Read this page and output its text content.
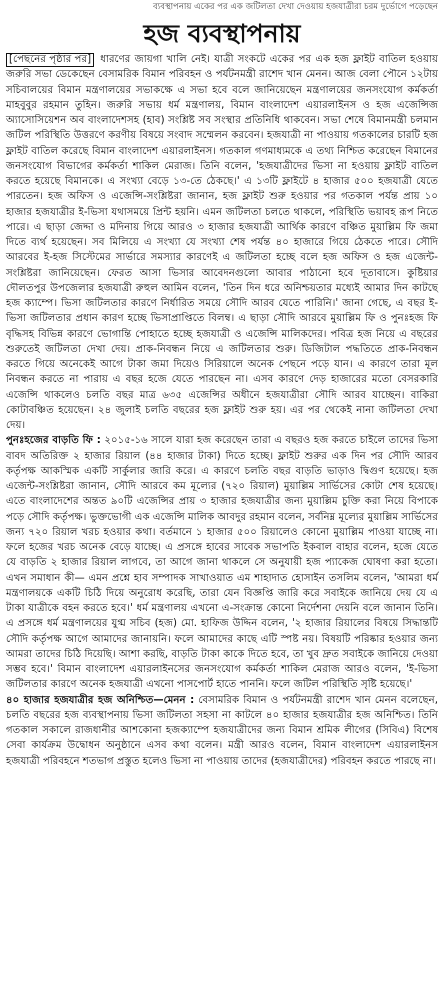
ব্যবস্থাপনায় একের পর এক জটিলতা দেখা দেওয়ায় হজযাত্রীরা চরম দুর্ভোগে পড়েছেন
হজ ব্যবস্থাপনায়

[পেছনের পৃষ্ঠার পর] ধারণের জায়গা খালি নেই। যাত্রী সংকটে একের পর এক হজ ফ্লাইট বাতিল হওয়ায় জরুরি সভা ডেকেছেন বেসামরিক বিমান পরিবহন ও পর্যটনমন্ত্রী রাশেদ খান মেনন। আজ বেলা পৌনে ১২টায় সচিবালয়ের বিমান মন্ত্রণালয়ের সভাকক্ষে এ সভা হবে বলে জানিয়েছেন মন্ত্রণালয়ের জনসংযোগ কর্মকর্তা মাহবুবুর রহমান তুহিন। জরুরি সভায় ধর্ম মন্ত্রণালয়, বিমান বাংলাদেশ এয়ারলাইনস ও হজ এজেন্সিজ অ্যাসোসিয়েশন অব বাংলাদেশসহ (হাব) সংশ্লিষ্ট সব সংস্থার প্রতিনিধি থাকবেন। সভা শেষে বিমানমন্ত্রী চলমান জটিল পরিস্থিতি উত্তরণে করণীয় বিষয়ে সংবাদ সম্মেলন করবেন। হজযাত্রী না পাওয়ায় গতকালের চারটি হজ ফ্লাইট বাতিল করেছে বিমান বাংলাদেশ এয়ারলাইনস। গতকাল গণমাধ্যমকে এ তথ্য নিশ্চিত করেছেন বিমানের জনসংযোগ বিভাগের কর্মকর্তা শাকিল মেরাজ। তিনি বলেন, 'হজযাত্রীদের ভিসা না হওয়ায় ফ্লাইট বাতিল করতে হয়েছে বিমানকে। এ সংখ্যা বেড়ে ১৩-তে ঠেকছে।' এ ১৩টি ফ্লাইটে ৪ হাজার ৫০০ হজযাত্রী যেতে পারতেন। হজ অফিস ও এজেন্সি-সংশ্লিষ্টরা জানান, হজ ফ্লাইট শুরু হওয়ার পর গতকাল পর্যন্ত প্রায় ১০ হাজার হজযাত্রীর ই-ভিসা যথাসময়ে প্রিন্ট হয়নি। এমন জটিলতা চলতে থাকলে, পরিস্থিতি ভয়াবহ রূপ নিতে পারে। এ ছাড়া জেদ্দা ও মদিনায় গিয়ে আরও ৩ হাজার হজযাত্রী আর্থিক কারণে বঞ্চিত মুয়াল্লিম ফি জমা দিতে ব্যর্থ হয়েছেন। সব মিলিয়ে এ সংখ্যা যে সংখ্যা শেষ পর্যন্ত ৪০ হাজারে গিয়ে ঠেকতে পারে। সৌদি আরবের ই-হজ সিস্টেমের সার্ভারে সমস্যার কারণেই এ জটিলতা হচ্ছে বলে হজ অফিস ও হজ এজেন্ট-সংশ্লিষ্টরা জানিয়েছেন। ফেরত আসা ভিসার আবেদনগুলো আবার পাঠানো হবে দূতাবাসে। কুষ্টিয়ার দৌলতপুর উপজেলার হজযাত্রী রুহুল আমিন বলেন, 'তিন দিন ধরে অনিশ্চয়তার মধ্যেই আমার দিন কাটছে হজ ক্যাম্পে। ভিসা জটিলতার কারণে নির্ধারিত সময়ে সৌদি আরব যেতে পারিনি।' জানা গেছে, এ বছর ই-ভিসা জটিলতার প্রধান কারণ হচ্ছে ভিসাপ্রাপ্তিতে বিলম্ব। এ ছাড়া সৌদি আরবে মুয়াল্লিম ফি ও পুনঃহজ ফি বৃদ্ধিসহ বিভিন্ন কারণে ভোগান্তি পোহাতে হচ্ছে হজযাত্রী ও এজেন্সি মালিকদের। পবিত্র হজ নিয়ে এ বছরের শুরুতেই জটিলতা দেখা দেয়। প্রাক-নিবন্ধন নিয়ে এ জটিলতার শুরু। ডিজিটাল পদ্ধতিতে প্রাক-নিবন্ধন করতে গিয়ে অনেকেই আগে টাকা জমা দিয়েও সিরিয়ালে অনেক পেছনে পড়ে যান। এ কারণে তারা মূল নিবন্ধন করতে না পারায় এ বছর হজে যেতে পারছেন না। এসব কারণে দেড় হাজারের মতো বেসরকারি এজেন্সি থাকলেও চলতি বছর মাত্র ৬৩৫ এজেন্সির অধীনে হজযাত্রীরা সৌদি আরব যাচ্ছেন। বাকিরা কোটাবঞ্চিত হয়েছেন। ২৪ জুলাই চলতি বছরের হজ ফ্লাইট শুরু হয়। এর পর থেকেই নানা জটিলতা দেখা দেয়।

পুনঃহজের বাড়তি ফি : ২০১৫-১৬ সালে যারা হজ করেছেন তারা এ বছরও হজ করতে চাইলে তাদের ভিসা বাবদ অতিরিক্ত ২ হাজার রিয়াল (৪৪ হাজার টাকা) দিতে হচ্ছে। ফ্লাইট শুরুর এক দিন পর সৌদি আরব কর্তৃপক্ষ আকস্মিক একটি সার্কুলার জারি করে। এ কারণে চলতি বছর বাড়তি ভাড়াও দ্বিগুণ হয়েছে। হজ এজেন্ট-সংশ্লিষ্টরা জানান, সৌদি আরবে কম মূল্যের (৭২০ রিয়াল) মুয়াল্লিম সার্ভিসের কোটা শেষ হয়েছে। এতে বাংলাদেশের অন্তত ৯০টি এজেন্সির প্রায় ৩ হাজার হজযাত্রীর জন্য মুয়াল্লিম চুক্তি করা নিয়ে বিপাকে পড়ে সৌদি কর্তৃপক্ষ। ভুক্তভোগী এক এজেন্সি মালিক আবদুর রহমান বলেন, সর্বনিম্ন মূল্যের মুয়াল্লিম সার্ভিসের জন্য ৭২০ রিয়াল খরচ হওয়ার কথা। বর্তমানে ১ হাজার ৫০০ রিয়ালেও কোনো মুয়াল্লিম পাওয়া যাচ্ছে না। ফলে হজের খরচ অনেক বেড়ে যাচ্ছে। এ প্রসঙ্গে হাবের সাবেক সভাপতি ইকবাল বাহার বলেন, হজে যেতে যে বাড়তি ২ হাজার রিয়াল লাগবে, তা আগে জানা থাকলে সে অনুযায়ী হজ প্যাকেজ ঘোষণা করা হতো। এখন সমাধান কী— এমন প্রশ্নে হাব সম্পাদক সাখাওয়াত এম শাহাদাত হোসাইন তসলিম বলেন, 'আমরা ধর্ম মন্ত্রণালয়কে একটি চিঠি দিয়ে অনুরোধ করেছি, তারা যেন বিজ্ঞপ্তি জারি করে সবাইকে জানিয়ে দেয় যে এ টাকা যাত্রীকে বহন করতে হবে।' ধর্ম মন্ত্রণালয় এখনো এ-সংক্রান্ত কোনো নির্দেশনা দেয়নি বলে জানান তিনি। এ প্রসঙ্গে ধর্ম মন্ত্রণালয়ের যুগ্ম সচিব (হজ) মো. হাফিজ উদ্দিন বলেন, '২ হাজার রিয়ালের বিষয়ে সিদ্ধান্তটি সৌদি কর্তৃপক্ষ আগে আমাদের জানায়নি। ফলে আমাদের কাছে এটি স্পষ্ট নয়। বিষয়টি পরিষ্কার হওয়ার জন্য আমরা তাদের চিঠি দিয়েছি। আশা করছি, বাড়তি টাকা কাকে দিতে হবে, তা খুব দ্রুত সবাইকে জানিয়ে দেওয়া সম্ভব হবে।' বিমান বাংলাদেশ এয়ারলাইনসের জনসংযোগ কর্মকর্তা শাকিল মেরাজ আরও বলেন, 'ই-ভিসা জটিলতার কারণে অনেক হজযাত্রী এখনো পাসপোর্ট হাতে পাননি। ফলে জটিল পরিস্থিতি সৃষ্টি হয়েছে।'

৪০ হাজার হজযাত্রীর হজ অনিশ্চিত—মেনন : বেসামরিক বিমান ও পর্যটনমন্ত্রী রাশেদ খান মেনন বলেছেন, চলতি বছরের হজ ব্যবস্থাপনায় ভিসা জটিলতা সহসা না কাটলে ৪০ হাজার হজযাত্রীর হজ অনিশ্চিত। তিনি গতকাল সকালে রাজধানীর আশকোনা হজক্যাম্পে হজযাত্রীদের জন্য বিমান শ্রমিক লীগের (সিবিএ) বিশেষ সেবা কার্যক্রম উদ্বোধন অনুষ্ঠানে এসব কথা বলেন। মন্ত্রী আরও বলেন, বিমান বাংলাদেশ এয়ারলাইনস হজযাত্রী পরিবহনে শতভাগ প্রস্তুত হলেও ভিসা না পাওয়ায় তাদের (হজযাত্রীদের) পরিবহন করতে পারছে না।
